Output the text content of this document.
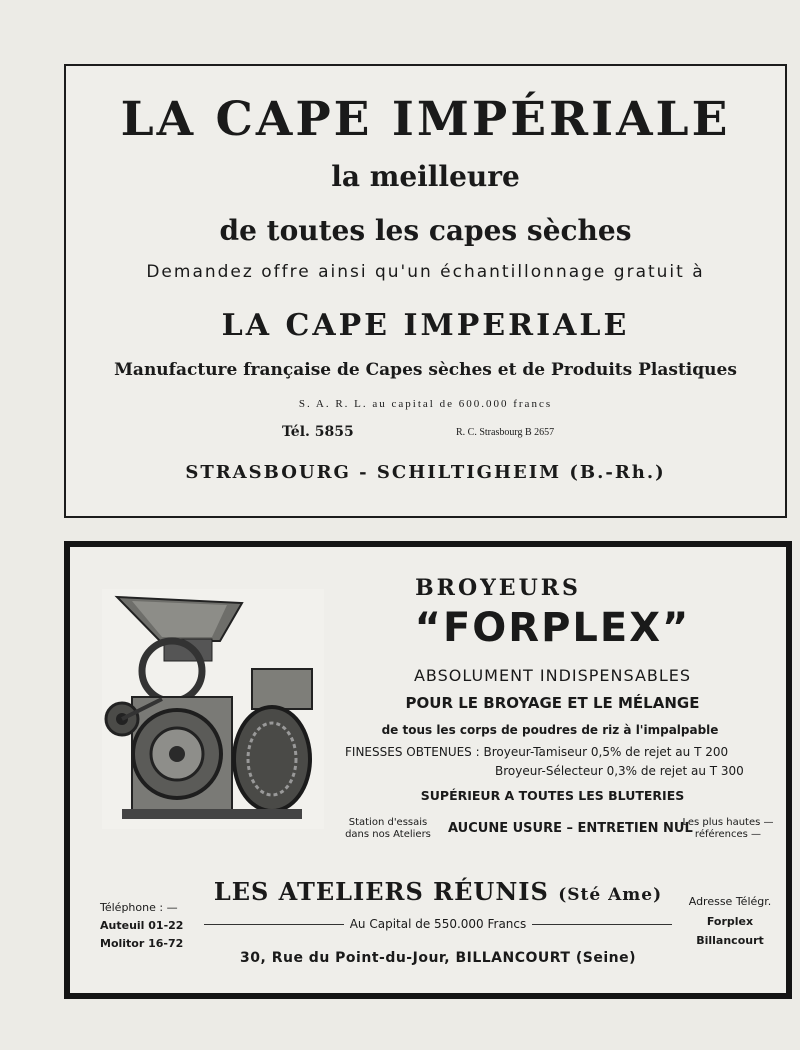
LA CAPE IMPÉRIALE
la meilleure
de toutes les capes sèches
Demandez offre ainsi qu'un échantillonnage gratuit à
LA CAPE IMPERIALE
Manufacture française de Capes sèches et de Produits Plastiques
S. A. R. L. au capital de 600.000 francs
Tél. 5855	R. C. Strasbourg B 2657
STRASBOURG - SCHILTIGHEIM (B.-Rh.)
BROYEURS
“FORPLEX”
ABSOLUMENT INDISPENSABLES
POUR LE BROYAGE ET LE MÉLANGE
de tous les corps de poudres de riz à l'impalpable
FINESSES OBTENUES : Broyeur-Tamiseur 0,5% de rejet au T 200
Broyeur-Sélecteur 0,3% de rejet au T 300
SUPÉRIEUR A TOUTES LES BLUTERIES
Station d'essais dans nos Ateliers AUCUNE USURE – ENTRETIEN NUL
Les plus hautes — références —
Téléphone : —
Auteuil 01-22
Molitor 16-72
LES ATELIERS RÉUNIS (Sté Ame)
Au Capital de 550.000 Francs
30, Rue du Point-du-Jour, BILLANCOURT (Seine)
Adresse Télégr.
Forplex
Billancourt
